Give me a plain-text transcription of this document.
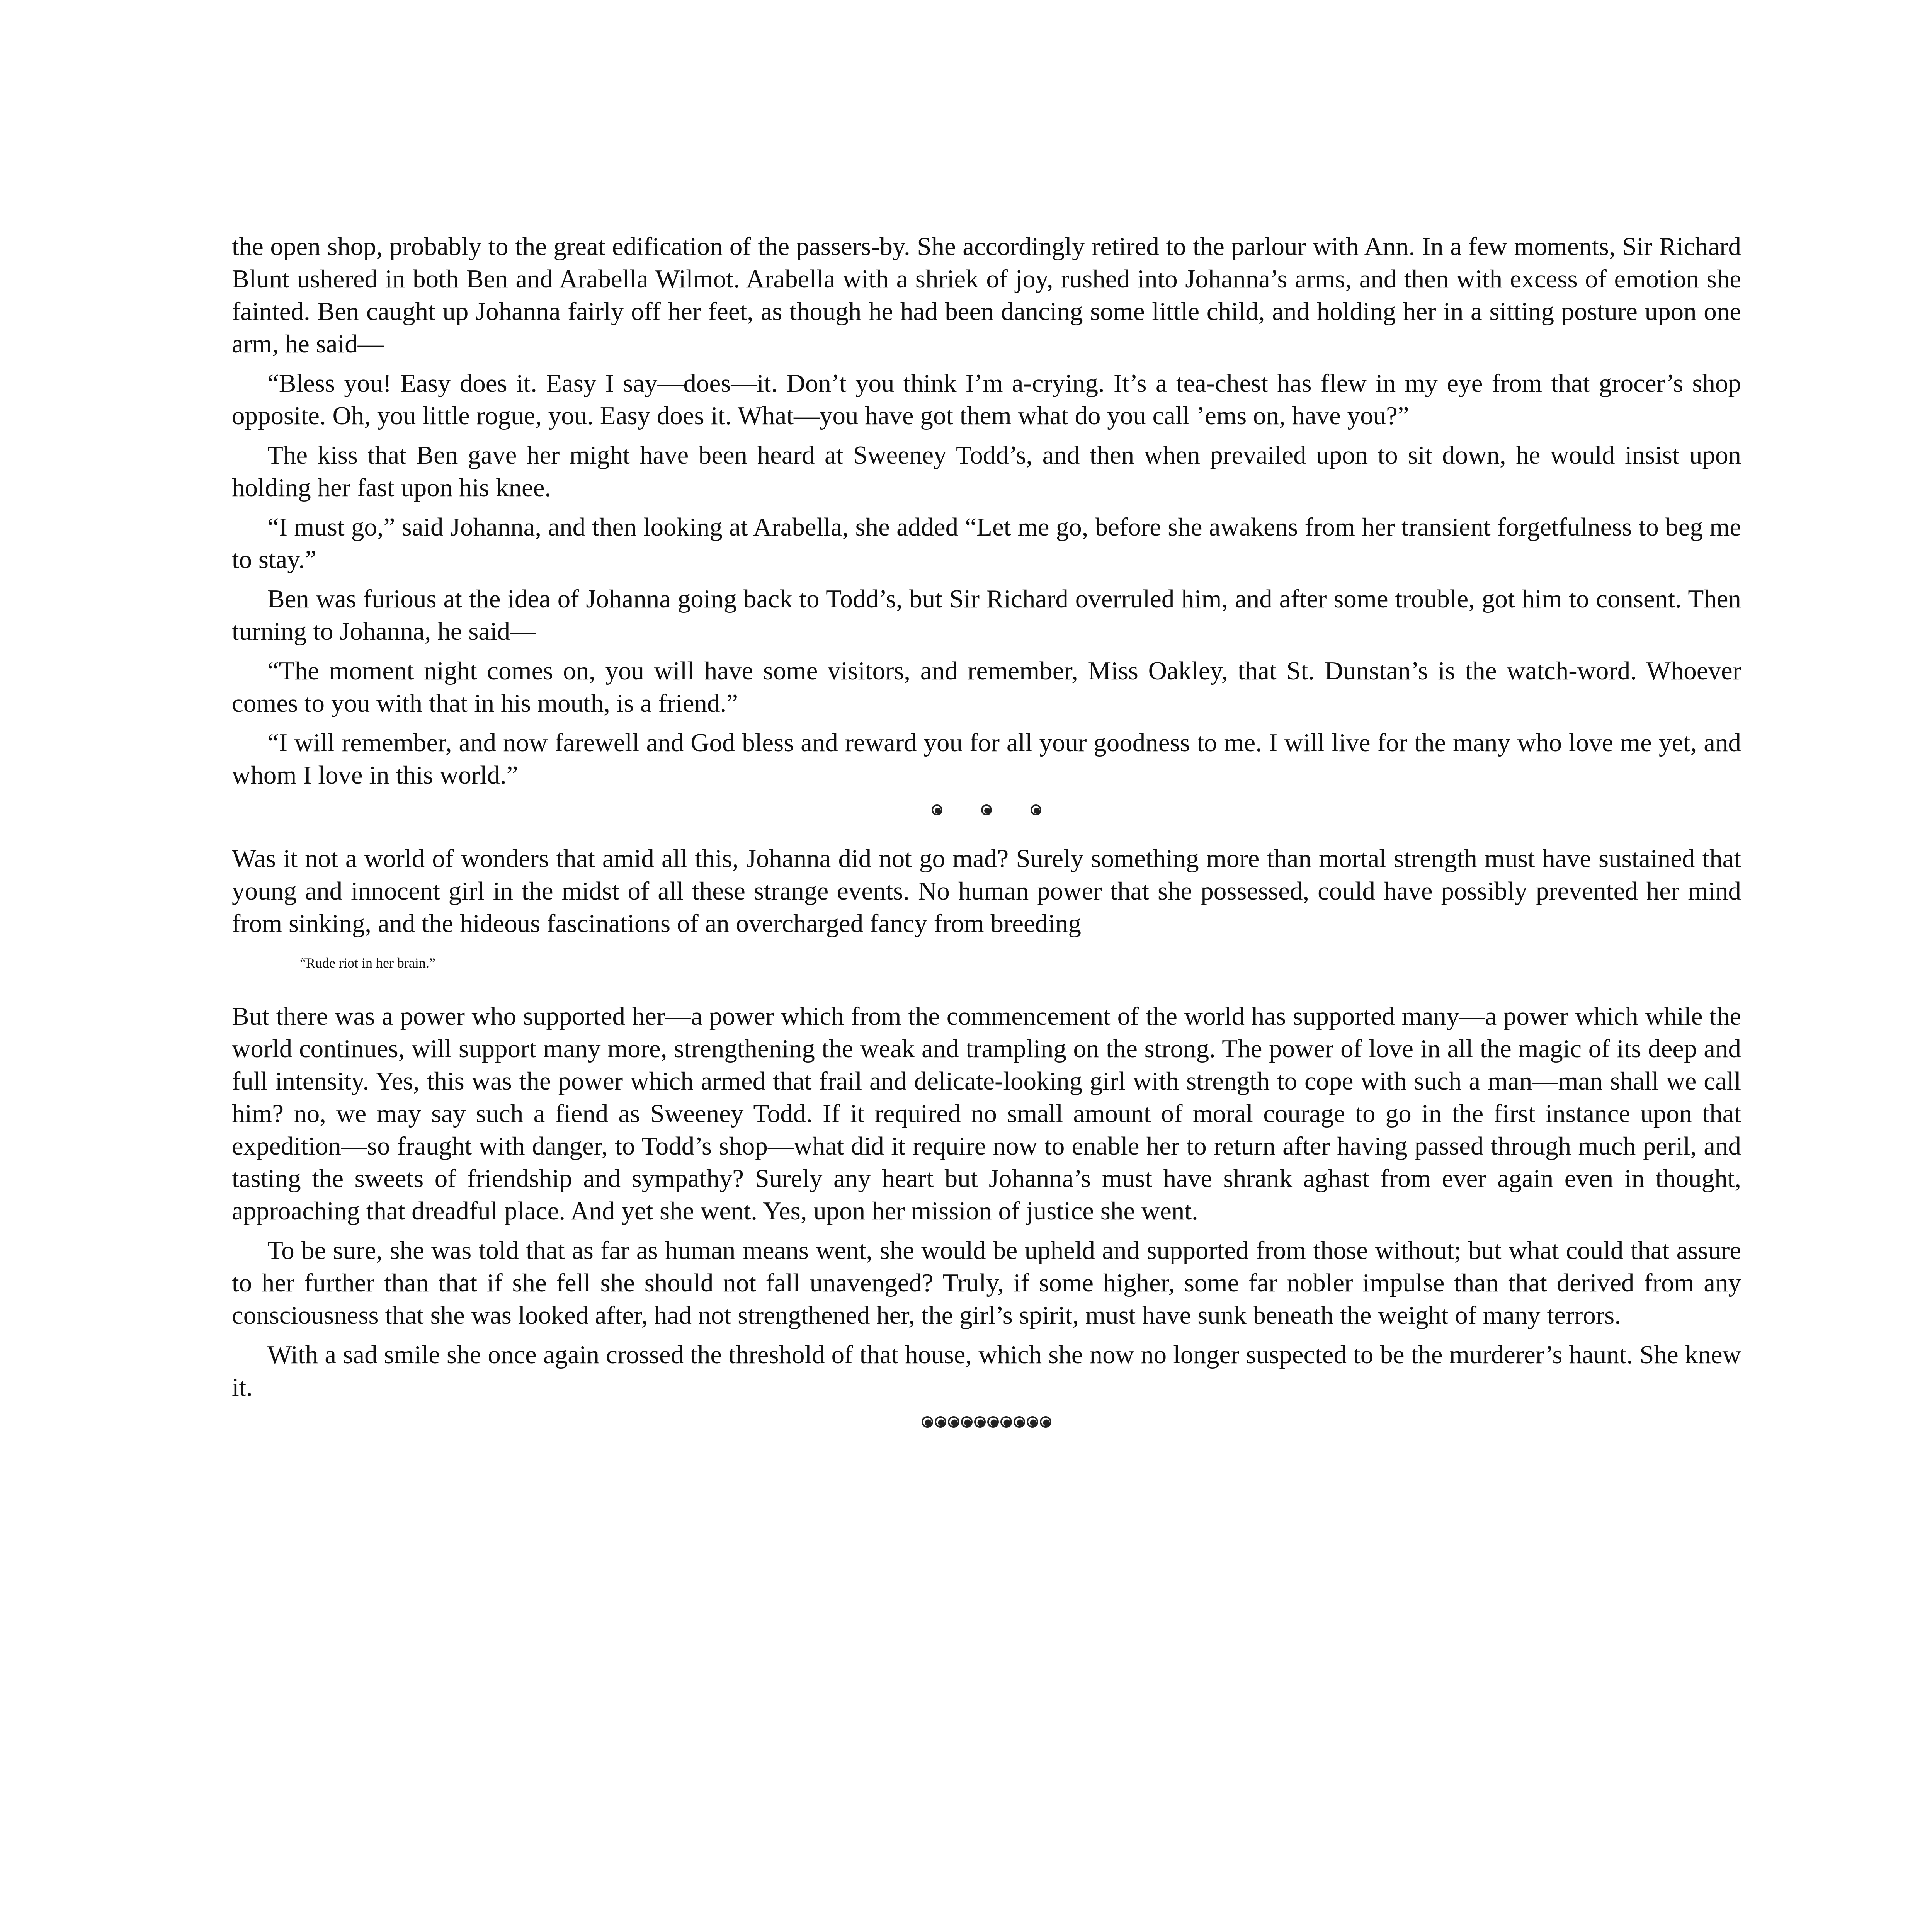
the open shop, probably to the great edification of the passers-by. She accordingly retired to the parlour with Ann. In a few moments, Sir Richard Blunt ushered in both Ben and Arabella Wilmot. Arabella with a shriek of joy, rushed into Johanna’s arms, and then with excess of emotion she fainted. Ben caught up Johanna fairly off her feet, as though he had been dancing some little child, and holding her in a sitting posture upon one arm, he said—

“Bless you! Easy does it. Easy I say—does—it. Don’t you think I’m a-crying. It’s a tea-chest has flew in my eye from that grocer’s shop opposite. Oh, you little rogue, you. Easy does it. What—you have got them what do you call ’ems on, have you?”

The kiss that Ben gave her might have been heard at Sweeney Todd’s, and then when prevailed upon to sit down, he would insist upon holding her fast upon his knee.

“I must go,” said Johanna, and then looking at Arabella, she added “Let me go, before she awakens from her transient forgetfulness to beg me to stay.”

Ben was furious at the idea of Johanna going back to Todd’s, but Sir Richard overruled him, and after some trouble, got him to consent. Then turning to Johanna, he said—

“The moment night comes on, you will have some visitors, and remember, Miss Oakley, that St. Dunstan’s is the watch-word. Whoever comes to you with that in his mouth, is a friend.”

“I will remember, and now farewell and God bless and reward you for all your goodness to me. I will live for the many who love me yet, and whom I love in this world.”

Was it not a world of wonders that amid all this, Johanna did not go mad? Surely something more than mortal strength must have sustained that young and innocent girl in the midst of all these strange events. No human power that she possessed, could have possibly prevented her mind from sinking, and the hideous fascinations of an overcharged fancy from breeding

“Rude riot in her brain.”

But there was a power who supported her—a power which from the commencement of the world has supported many—a power which while the world continues, will support many more, strengthening the weak and trampling on the strong. The power of love in all the magic of its deep and full intensity. Yes, this was the power which armed that frail and delicate-looking girl with strength to cope with such a man—man shall we call him? no, we may say such a fiend as Sweeney Todd. If it required no small amount of moral courage to go in the first instance upon that expedition—so fraught with danger, to Todd’s shop—what did it require now to enable her to return after having passed through much peril, and tasting the sweets of friendship and sympathy? Surely any heart but Johanna’s must have shrank aghast from ever again even in thought, approaching that dreadful place. And yet she went. Yes, upon her mission of justice she went.

To be sure, she was told that as far as human means went, she would be upheld and supported from those without; but what could that assure to her further than that if she fell she should not fall unavenged? Truly, if some higher, some far nobler impulse than that derived from any consciousness that she was looked after, had not strengthened her, the girl’s spirit, must have sunk beneath the weight of many terrors.

With a sad smile she once again crossed the threshold of that house, which she now no longer suspected to be the murderer’s haunt. She knew it.
